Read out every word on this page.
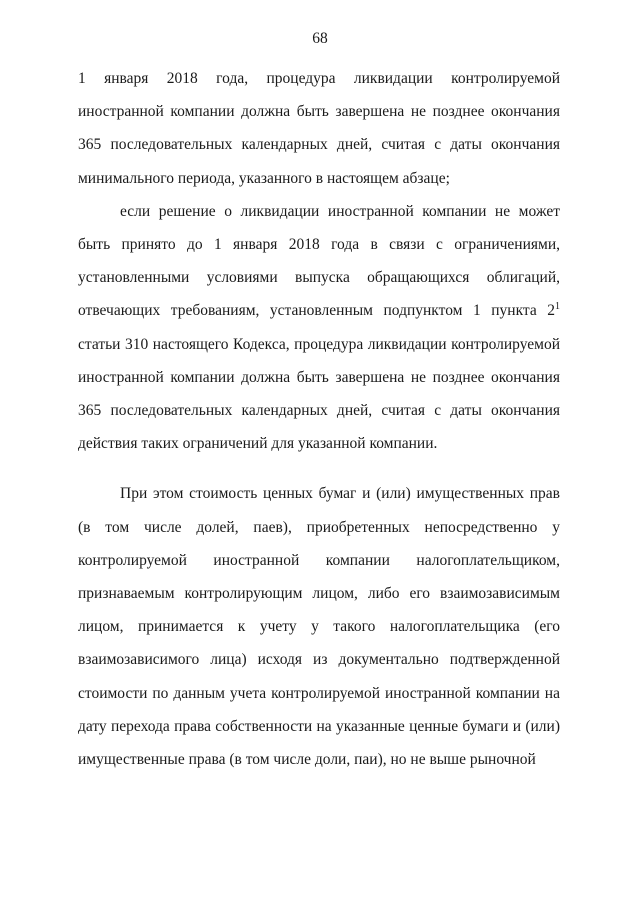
68

1 января 2018 года, процедура ликвидации контролируемой иностранной компании должна быть завершена не позднее окончания 365 последовательных календарных дней, считая с даты окончания минимального периода, указанного в настоящем абзаце;

если решение о ликвидации иностранной компании не может быть принято до 1 января 2018 года в связи с ограничениями, установленными условиями выпуска обращающихся облигаций, отвечающих требованиям, установленным подпунктом 1 пункта $2^1$ статьи 310 настоящего Кодекса, процедура ликвидации контролируемой иностранной компании должна быть завершена не позднее окончания 365 последовательных календарных дней, считая с даты окончания действия таких ограничений для указанной компании.

При этом стоимость ценных бумаг и (или) имущественных прав (в том числе долей, паев), приобретенных непосредственно у контролируемой иностранной компании налогоплательщиком, признаваемым контролирующим лицом, либо его взаимозависимым лицом, принимается к учету у такого налогоплательщика (его взаимозависимого лица) исходя из документально подтвержденной стоимости по данным учета контролируемой иностранной компании на дату перехода права собственности на указанные ценные бумаги и (или) имущественные права (в том числе доли, паи), но не выше рыночной
